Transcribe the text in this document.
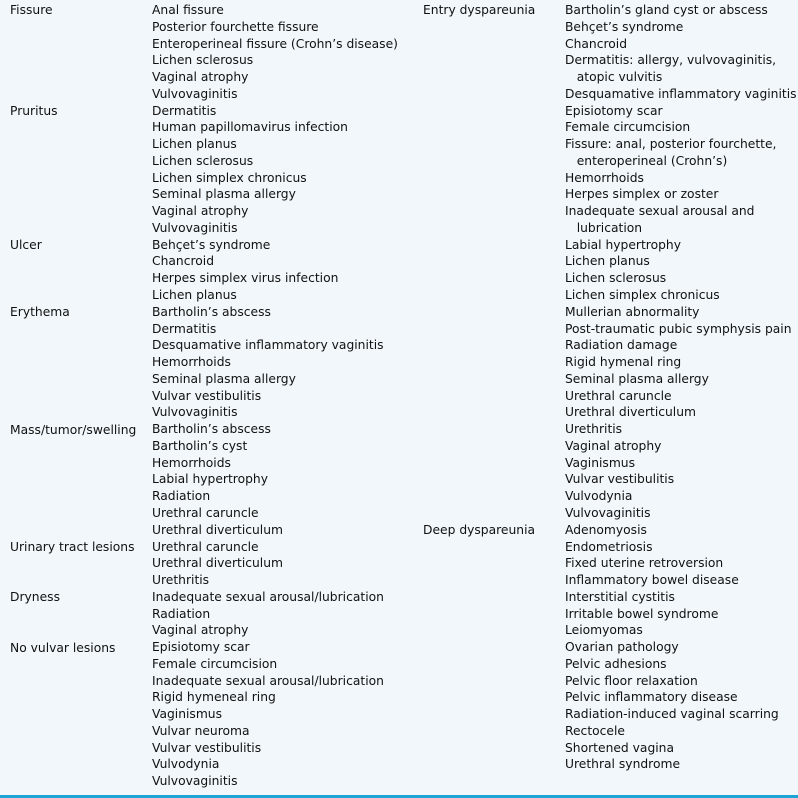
Fissure
Pruritus
Ulcer
Erythema
Mass/tumor/swelling
Urinary tract lesions
Dryness
No vulvar lesions
Anal fissure
Posterior fourchette fissure
Enteroperineal fissure (Crohn’s disease)
Lichen sclerosus
Vaginal atrophy
Vulvovaginitis
Dermatitis
Human papillomavirus infection
Lichen planus
Lichen sclerosus
Lichen simplex chronicus
Seminal plasma allergy
Vaginal atrophy
Vulvovaginitis
Behçet’s syndrome
Chancroid
Herpes simplex virus infection
Lichen planus
Bartholin’s abscess
Dermatitis
Desquamative inflammatory vaginitis
Hemorrhoids
Seminal plasma allergy
Vulvar vestibulitis
Vulvovaginitis
Bartholin’s abscess
Bartholin’s cyst
Hemorrhoids
Labial hypertrophy
Radiation
Urethral caruncle
Urethral diverticulum
Urethral caruncle
Urethral diverticulum
Urethritis
Inadequate sexual arousal/lubrication
Radiation
Vaginal atrophy
Episiotomy scar
Female circumcision
Inadequate sexual arousal/lubrication
Rigid hymeneal ring
Vaginismus
Vulvar neuroma
Vulvar vestibulitis
Vulvodynia
Vulvovaginitis
Entry dyspareunia
Deep dyspareunia
Bartholin’s gland cyst or abscess
Behçet’s syndrome
Chancroid
Dermatitis: allergy, vulvovaginitis,
atopic vulvitis
Desquamative inflammatory vaginitis
Episiotomy scar
Female circumcision
Fissure: anal, posterior fourchette,
enteroperineal (Crohn’s)
Hemorrhoids
Herpes simplex or zoster
Inadequate sexual arousal and
lubrication
Labial hypertrophy
Lichen planus
Lichen sclerosus
Lichen simplex chronicus
Mullerian abnormality
Post-traumatic pubic symphysis pain
Radiation damage
Rigid hymenal ring
Seminal plasma allergy
Urethral caruncle
Urethral diverticulum
Urethritis
Vaginal atrophy
Vaginismus
Vulvar vestibulitis
Vulvodynia
Vulvovaginitis
Adenomyosis
Endometriosis
Fixed uterine retroversion
Inflammatory bowel disease
Interstitial cystitis
Irritable bowel syndrome
Leiomyomas
Ovarian pathology
Pelvic adhesions
Pelvic floor relaxation
Pelvic inflammatory disease
Radiation-induced vaginal scarring
Rectocele
Shortened vagina
Urethral syndrome
